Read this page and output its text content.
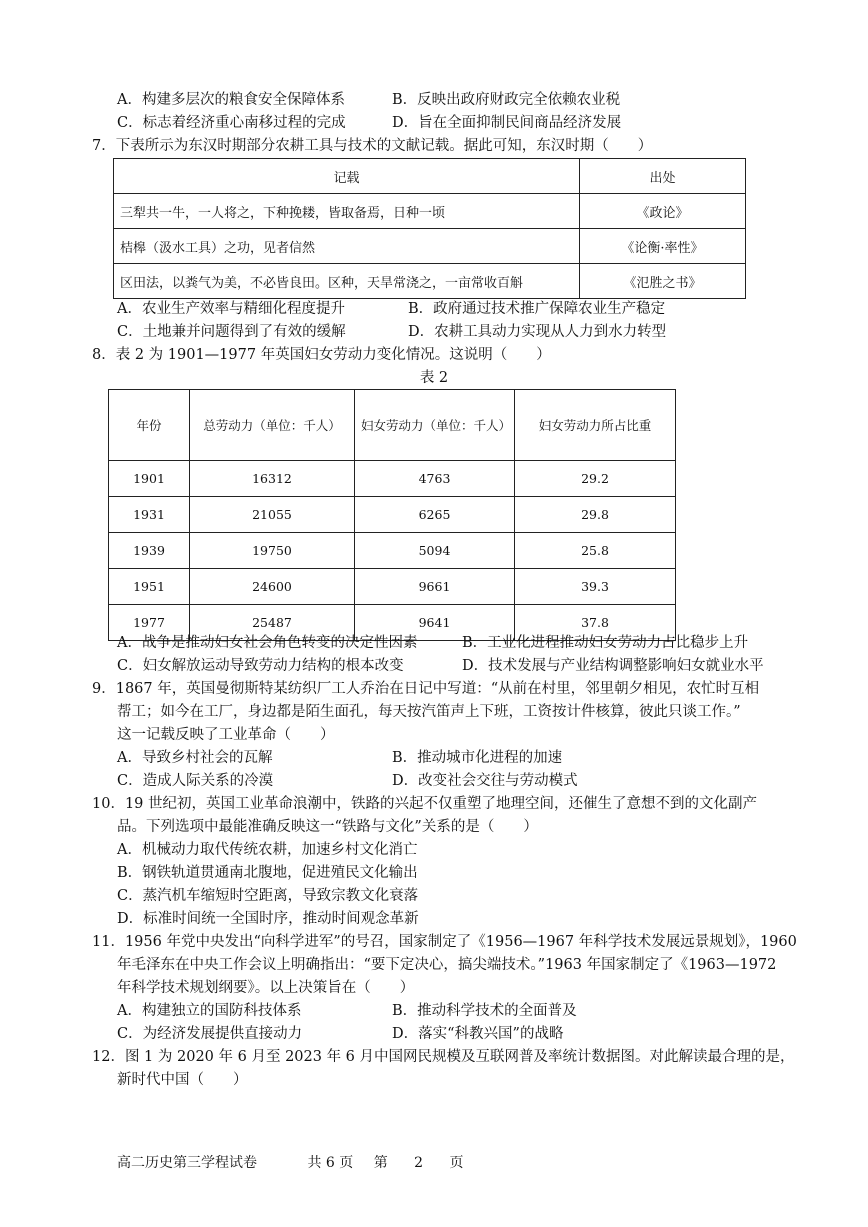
A．构建多层次的粮食安全保障体系	B．反映出政府财政完全依赖农业税
C．标志着经济重心南移过程的完成	D．旨在全面抑制民间商品经济发展
7．下表所示为东汉时期部分农耕工具与技术的文献记载。据此可知，东汉时期（　　）
记载	出处
三犁共一牛，一人将之，下种挽耧，皆取备焉，日种一顷	《政论》
桔槔（汲水工具）之功，见者信然	《论衡·率性》
区田法，以粪气为美，不必皆良田。区种，天旱常浇之，一亩常收百斛	《氾胜之书》
A．农业生产效率与精细化程度提升	B．政府通过技术推广保障农业生产稳定
C．土地兼并问题得到了有效的缓解	D．农耕工具动力实现从人力到水力转型
8．表 2 为 1901—1977 年英国妇女劳动力变化情况。这说明（　　）
表 2
年份	总劳动力（单位：千人）	妇女劳动力（单位：千人）	妇女劳动力所占比重
1901	16312	4763	29.2
1931	21055	6265	29.8
1939	19750	5094	25.8
1951	24600	9661	39.3
1977	25487	9641	37.8
A．战争是推动妇女社会角色转变的决定性因素	B．工业化进程推动妇女劳动力占比稳步上升
C．妇女解放运动导致劳动力结构的根本改变	D．技术发展与产业结构调整影响妇女就业水平
9．1867 年，英国曼彻斯特某纺织厂工人乔治在日记中写道：“从前在村里，邻里朝夕相见，农忙时互相
帮工；如今在工厂，身边都是陌生面孔，每天按汽笛声上下班，工资按计件核算，彼此只谈工作。”
这一记载反映了工业革命（　　）
A．导致乡村社会的瓦解	B．推动城市化进程的加速
C．造成人际关系的冷漠	D．改变社会交往与劳动模式
10．19 世纪初，英国工业革命浪潮中，铁路的兴起不仅重塑了地理空间，还催生了意想不到的文化副产
品。下列选项中最能准确反映这一“铁路与文化”关系的是（　　）
A．机械动力取代传统农耕，加速乡村文化消亡
B．钢铁轨道贯通南北腹地，促进殖民文化输出
C．蒸汽机车缩短时空距离，导致宗教文化衰落
D．标准时间统一全国时序，推动时间观念革新
11．1956 年党中央发出“向科学进军”的号召，国家制定了《1956—1967 年科学技术发展远景规划》，1960
年毛泽东在中央工作会议上明确指出：“要下定决心，搞尖端技术。”1963 年国家制定了《1963—1972
年科学技术规划纲要》。以上决策旨在（　　）
A．构建独立的国防科技体系	B．推动科学技术的全面普及
C．为经济发展提供直接动力	D．落实“科教兴国”的战略
12．图 1 为 2020 年 6 月至 2023 年 6 月中国网民规模及互联网普及率统计数据图。对此解读最合理的是，
新时代中国（　　）
高二历史第三学程试卷	共 6 页 第 2 页
